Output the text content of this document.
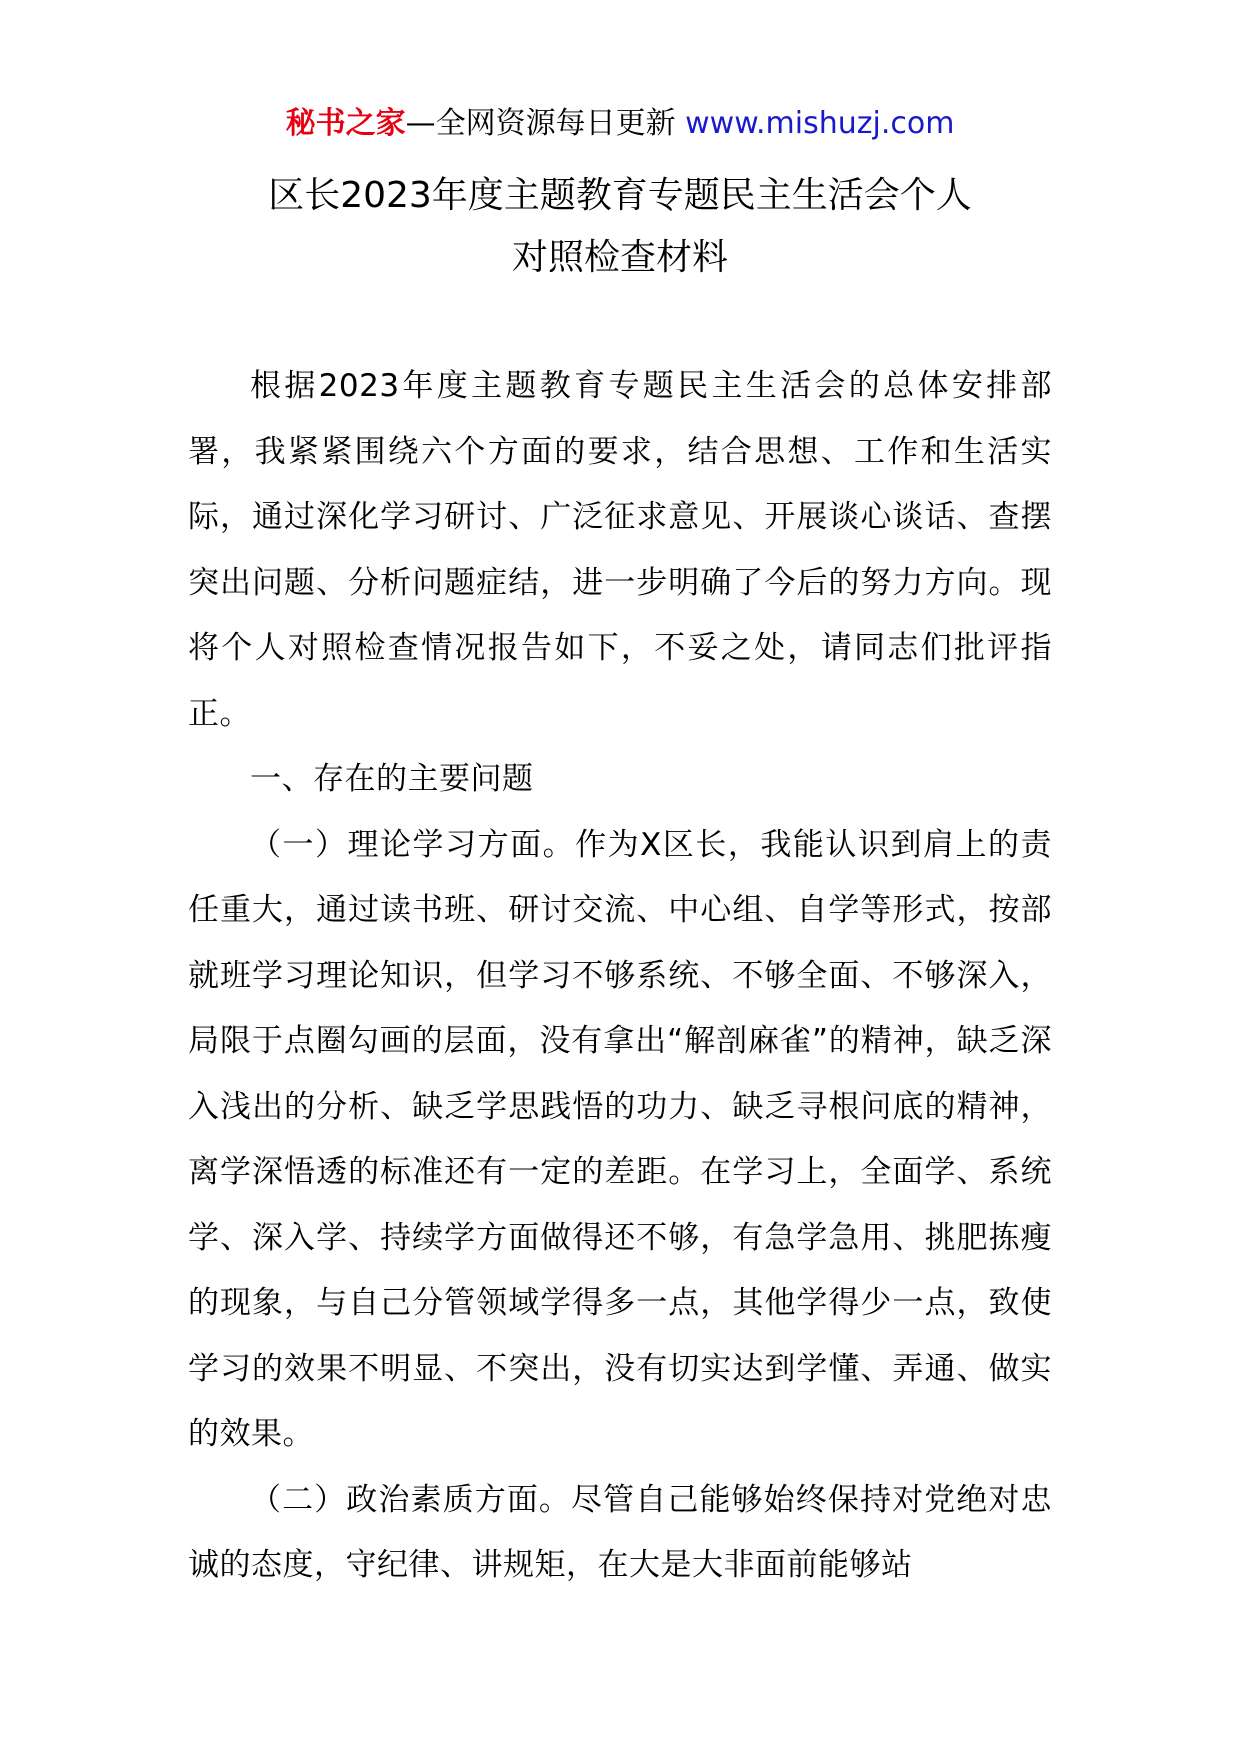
秘书之家—全网资源每日更新 www.mishuzj.com
区长2023年度主题教育专题民主生活会个人
对照检查材料

根据2023年度主题教育专题民主生活会的总体安排部署，我紧紧围绕六个方面的要求，结合思想、工作和生活实际，通过深化学习研讨、广泛征求意见、开展谈心谈话、查摆突出问题、分析问题症结，进一步明确了今后的努力方向。现将个人对照检查情况报告如下，不妥之处，请同志们批评指正。

一、存在的主要问题

（一）理论学习方面。作为X区长，我能认识到肩上的责任重大，通过读书班、研讨交流、中心组、自学等形式，按部就班学习理论知识，但学习不够系统、不够全面、不够深入，局限于点圈勾画的层面，没有拿出“解剖麻雀”的精神，缺乏深入浅出的分析、缺乏学思践悟的功力、缺乏寻根问底的精神，离学深悟透的标准还有一定的差距。在学习上，全面学、系统学、深入学、持续学方面做得还不够，有急学急用、挑肥拣瘦的现象，与自己分管领域学得多一点，其他学得少一点，致使学习的效果不明显、不突出，没有切实达到学懂、弄通、做实的效果。

（二）政治素质方面。尽管自己能够始终保持对党绝对忠诚的态度，守纪律、讲规矩，在大是大非面前能够站
